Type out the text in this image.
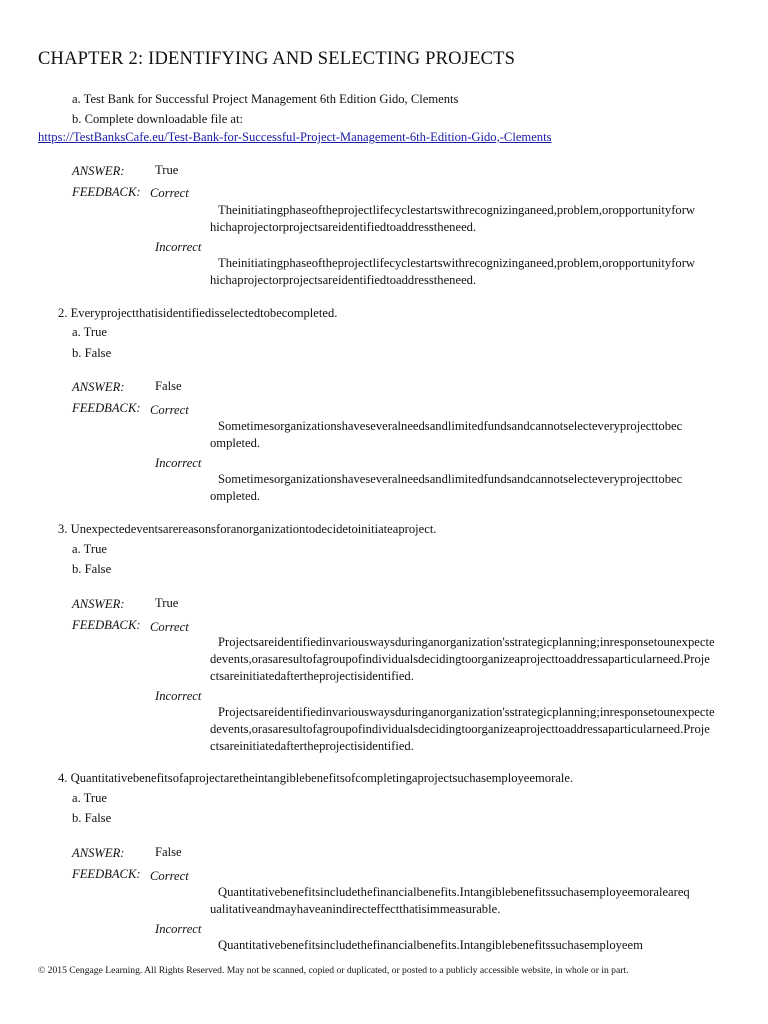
CHAPTER 2: IDENTIFYING AND SELECTING PROJECTS
a. Test Bank for Successful Project Management 6th Edition Gido, Clements
b. Complete downloadable file at:
https://TestBanksCafe.eu/Test-Bank-for-Successful-Project-Management-6th-Edition-Gido,-Clements
ANSWER: True
FEEDBACK: Correct
Theinitiatingphaseoftheprojectlifecyclestartswithrecognizinganeed,problem,oropportunityforwhichaprojectorprojectsareidentifiedtoaddresstheneed.
Incorrect
Theinitiatingphaseoftheprojectlifecyclestartswithrecognizinganeed,problem,oropportunityforwhichaprojectorprojectsareidentifiedtoaddresstheneed.
2. Everyprojectthatisidentifiedisselectedtobecompleted.
a. True
b. False
ANSWER: False
FEEDBACK: Correct
Sometimesorganizationshaveseveralneedsandlimitedfundsandcannotselecteveryprojecttobecompleted.
Incorrect
Sometimesorganizationshaveseveralneedsandlimitedfundsandcannotselecteveryprojecttobecompleted.
3. Unexpectedeventsarereasonsforanorganizationtodecidetoinitiateaproject.
a. True
b. False
ANSWER: True
FEEDBACK: Correct
Projectsareidentifiedinvariouswaysduringanorganization'sstrategicplanning;inresponsetounexpectedevents,orasaresultofagroupofindividualsdecidingtoorganizeaprojecttoaddressaparticularneed.Projectsareinitiatedaftertheprojectisidentified.
Incorrect
Projectsareidentifiedinvariouswaysduringanorganization'sstrategicplanning;inresponsetounexpectedevents,orasaresultofagroupofindividualsdecidingtoorganizeaprojecttoaddressaparticularneed.Projectsareinitiatedaftertheprojectisidentified.
4. Quantitativebenefitsofaprojectaretheintangiblebenefitsofcompletingaprojectsuchasemployeemorale.
a. True
b. False
ANSWER: False
FEEDBACK: Correct
Quantitativebenefitsincludethefinancialbenefits.Intangiblebenefitssuchasemployeemoralearequalitativeandmayhaveanindirecteffectthatisimmeasurable.
Incorrect
Quantitativebenefitsincludethefinancialbenefits.Intangiblebenefitssuchasemployeem
© 2015 Cengage Learning. All Rights Reserved. May not be scanned, copied or duplicated, or posted to a publicly accessible website, in whole or in part.
